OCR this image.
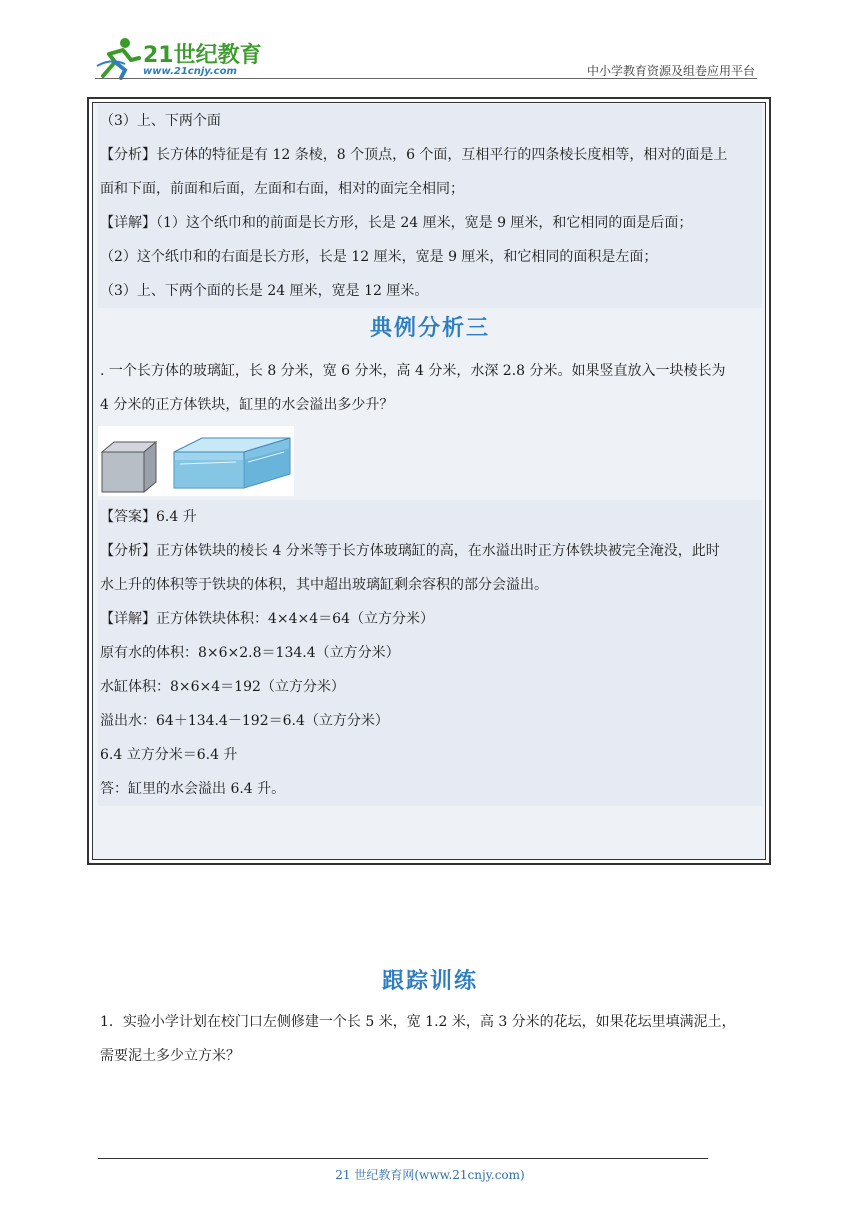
21世纪教育
www.21cnjy.com	中小学教育资源及组卷应用平台
（3）上、下两个面
【分析】长方体的特征是有 12 条棱，8 个顶点，6 个面，互相平行的四条棱长度相等，相对的面是上
面和下面，前面和后面，左面和右面，相对的面完全相同；
【详解】（1）这个纸巾和的前面是长方形，长是 24 厘米，宽是 9 厘米，和它相同的面是后面；
（2）这个纸巾和的右面是长方形，长是 12 厘米，宽是 9 厘米，和它相同的面积是左面；
（3）上、下两个面的长是 24 厘米，宽是 12 厘米。
典例分析三
. 一个长方体的玻璃缸，长 8 分米，宽 6 分米，高 4 分米，水深 2.8 分米。如果竖直放入一块棱长为
4 分米的正方体铁块，缸里的水会溢出多少升？
【答案】6.4 升
【分析】正方体铁块的棱长 4 分米等于长方体玻璃缸的高，在水溢出时正方体铁块被完全淹没，此时
水上升的体积等于铁块的体积，其中超出玻璃缸剩余容积的部分会溢出。
【详解】正方体铁块体积：4×4×4＝64（立方分米）
原有水的体积：8×6×2.8＝134.4（立方分米）
水缸体积：8×6×4＝192（立方分米）
溢出水：64＋134.4－192＝6.4（立方分米）
6.4 立方分米＝6.4 升
答：缸里的水会溢出 6.4 升。
跟踪训练
1．实验小学计划在校门口左侧修建一个长 5 米，宽 1.2 米，高 3 分米的花坛，如果花坛里填满泥土，
需要泥土多少立方米？
21 世纪教育网(www.21cnjy.com)
